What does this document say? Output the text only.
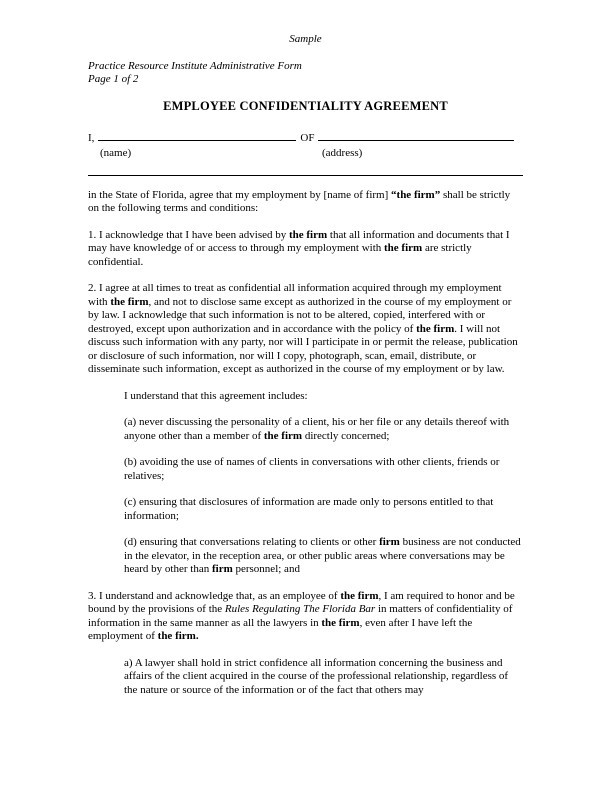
Sample
Practice Resource Institute Administrative Form
Page 1 of 2
EMPLOYEE CONFIDENTIALITY AGREEMENT
I,	OF
(name)	(address)

in the State of Florida, agree that my employment by [name of firm] “the firm” shall be strictly on the following terms and conditions:

1. I acknowledge that I have been advised by the firm that all information and documents that I may have knowledge of or access to through my employment with the firm are strictly confidential.

2. I agree at all times to treat as confidential all information acquired through my employment with the firm, and not to disclose same except as authorized in the course of my employment or by law. I acknowledge that such information is not to be altered, copied, interfered with or destroyed, except upon authorization and in accordance with the policy of the firm. I will not discuss such information with any party, nor will I participate in or permit the release, publication or disclosure of such information, nor will I copy, photograph, scan, email, distribute, or disseminate such information, except as authorized in the course of my employment or by law.

I understand that this agreement includes:

(a) never discussing the personality of a client, his or her file or any details thereof with anyone other than a member of the firm directly concerned;

(b) avoiding the use of names of clients in conversations with other clients, friends or relatives;

(c) ensuring that disclosures of information are made only to persons entitled to that information;

(d) ensuring that conversations relating to clients or other firm business are not conducted in the elevator, in the reception area, or other public areas where conversations may be heard by other than firm personnel; and

3. I understand and acknowledge that, as an employee of the firm, I am required to honor and be bound by the provisions of the Rules Regulating The Florida Bar in matters of confidentiality of information in the same manner as all the lawyers in the firm, even after I have left the employment of the firm.

a) A lawyer shall hold in strict confidence all information concerning the business and affairs of the client acquired in the course of the professional relationship, regardless of the nature or source of the information or of the fact that others may
